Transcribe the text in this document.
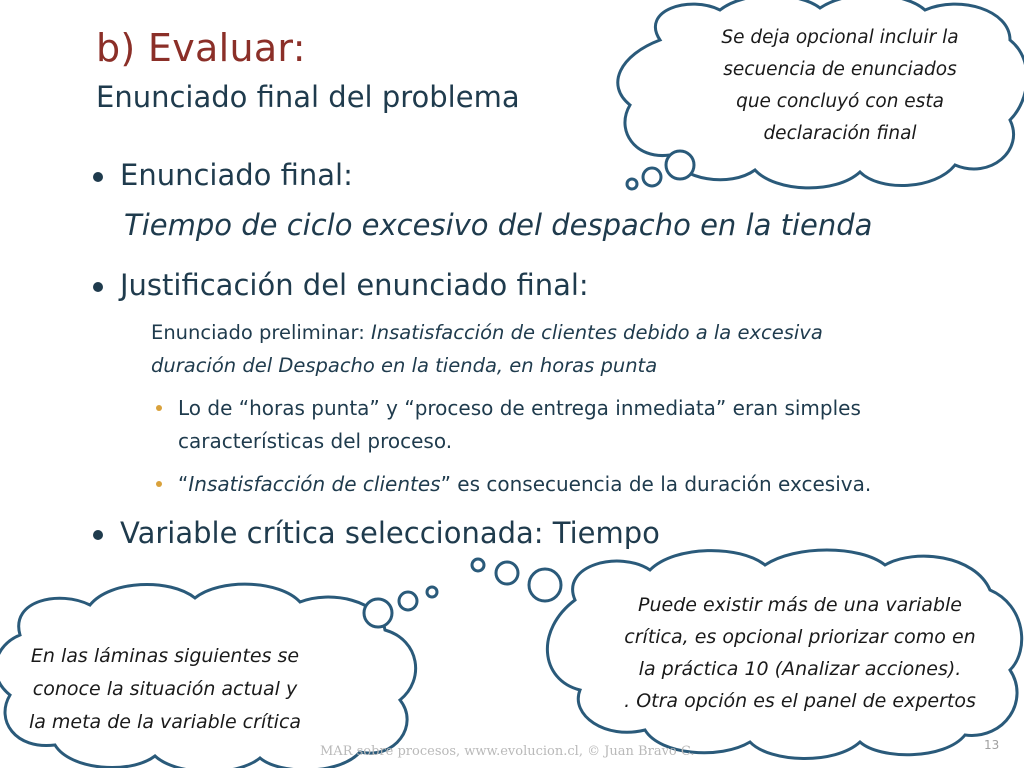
b) Evaluar:
Enunciado final del problema
Enunciado final:
Tiempo de ciclo excesivo del despacho en la tienda
Justificación del enunciado final:
Enunciado preliminar: Insatisfacción de clientes debido a la excesiva
duración del Despacho en la tienda, en horas punta
Lo de “horas punta” y “proceso de entrega inmediata” eran simples
características del proceso.
“Insatisfacción de clientes” es consecuencia de la duración excesiva.
Variable crítica seleccionada: Tiempo
Se deja opcional incluir la
secuencia de enunciados
que concluyó con esta
declaración final
Puede existir más de una variable
crítica, es opcional priorizar como en
la práctica 10 (Analizar acciones).
. Otra opción es el panel de expertos
En las láminas siguientes se
conoce la situación actual y
la meta de la variable crítica
MAR sobre procesos, www.evolucion.cl, © Juan Bravo C.	13
